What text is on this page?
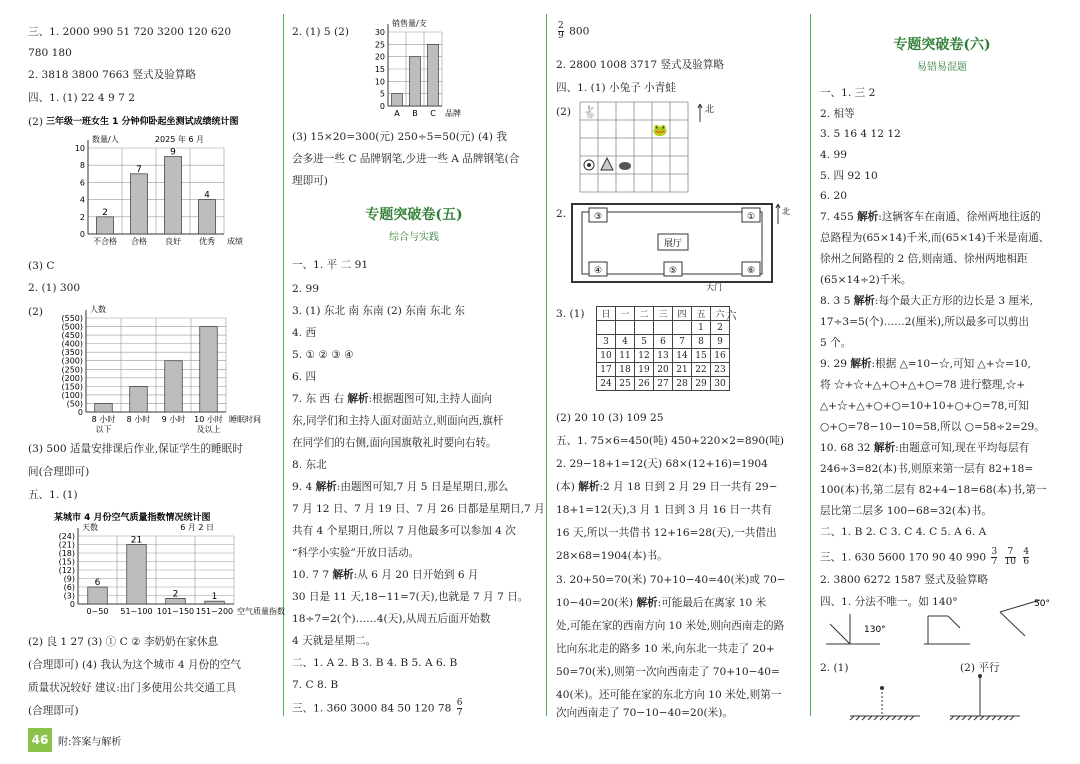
三、1. 2000 990 51 720 3200 120 620
780 180
2. 3818 3800 7663 竖式及验算略
四、1. (1) 22 4 9 7 2
(2)
0
2
4
6
8
10
2
不合格
7
合格
9
良好
4
优秀
数量/人
成绩
三年级一班女生 1 分钟仰卧起坐测试成绩统计图
2025 年 6 月
(3) C
2. (1) 300
(2)
0
(50)
(100)
(150)
(200)
(250)
(300)
(350)
(400)
(450)
(500)
(550)
8 小时
以下
8 小时 9 小时 10 小时
及以上
人数
睡眠时间
(3) 500 适量安排课后作业,保证学生的睡眠时
间(合理即可)
五、1. (1)
0
(3)
(6)
(9)
(12)
(15)
(18)
(21)
(24)
6
0~50
21
51~100
2
101~150
1
151~200
天数
空气质量指数
某城市 4 月份空气质量指数情况统计图
6 月 2 日
(2) 良 1 27 (3) ① C ② 李奶奶在家休息
(合理即可) (4) 我认为这个城市 4 月份的空气
质量状况较好 建议:出门多使用公共交通工具
(合理即可)
2. (1) 5 (2)
0
5
10
15
20
25
30
A B C
销售量/支
品牌
(3) 15×20=300(元) 250÷5=50(元) (4) 我
会多进一些 C 品牌钢笔,少进一些 A 品牌钢笔(合
理即可)
专题突破卷(五)
综合与实践
一、1. 平 二 91
2. 99
3. (1) 东北 南 东南 (2) 东南 东北 东
4. 西
5. ① ② ③ ④
6. 四
7. 东 西 右 解析:根据题图可知,主持人面向
东,同学们和主持人面对面站立,则面向西,旗杆
在同学们的右侧,面向国旗敬礼时要向右转。
8. 东北
9. 4 解析:由题图可知,7 月 5 日是星期日,那么
7 月 12 日、7 月 19 日、7 月 26 日都是星期日,7 月
共有 4 个星期日,所以 7 月他最多可以参加 4 次
“科学小实验”开放日活动。
10. 7 7 解析:从 6 月 20 日开始到 6 月
30 日是 11 天,18−11=7(天),也就是 7 月 7 日。
18÷7=2(个)……4(天),从周五后面开始数
4 天就是星期二。
二、1. A 2. B 3. B 4. B 5. A 6. B
7. C 8. B
三、1. 360 3000 84 50 120 $78 \frac{6}{7}$
$\frac{2}{9} 800$
2. 2800 1008 3717 竖式及验算略
四、1. (1) 小兔子 小青蛙
(2) 🐇
🐸
北
2.	③	①
④	⑤	⑥
展厅
大门
北
3. (1) 日	一	二	三	四	五	六
					1	2
3	4	5	6	7	8	9
10	11	12	13	14	15	16
17	18	19	20	21	22	23
24	25	26	27	28	29	30
六
(2) 20 10 (3) 109 25
五、1. 75×6=450(吨) 450+220×2=890(吨)
2. 29−18+1=12(天) 68×(12+16)=1904
(本) 解析:2 月 18 日到 2 月 29 日一共有 29−
18+1=12(天),3 月 1 日到 3 月 16 日一共有
16 天,所以一共借书 12+16=28(天),一共借出
28×68=1904(本)书。
3. 20+50=70(米) 70+10−40=40(米)或 70−
10−40=20(米) 解析:可能最后在离家 10 米
处,可能在家的西南方向 10 米处,则向西南走的路
比向东北走的路多 10 米,向东北一共走了 20+
50=70(米),则第一次向西南走了 70+10−40=
40(米)。还可能在家的东北方向 10 米处,则第一
次向西南走了 70−10−40=20(米)。
专题突破卷(六)
易错易混题
一、1. 三 2
2. 相等
3. 5 16 4 12 12
4. 99
5. 四 92 10
6. 20
7. 455 解析:这辆客车在南通、徐州两地往返的
总路程为(65×14)千米,而(65×14)千米是南通、
徐州之间路程的 2 倍,则南通、徐州两地相距
(65×14÷2)千米。
8. 3 5 解析:每个最大正方形的边长是 3 厘米,
17÷3=5(个)……2(厘米),所以最多可以剪出
5 个。
9. 29 解析:根据 △=10−☆,可知 △+☆=10,
将 ☆+☆+△+○+△+○=78 进行整理,☆+
△+☆+△+○+○=10+10+○+○=78,可知
○+○=78−10−10=58,所以 ○=58÷2=29。
10. 68 32 解析:由题意可知,现在平均每层有
246÷3=82(本)书,则原来第一层有 82+18=
100(本)书,第二层有 82+4−18=68(本)书,第一
层比第二层多 100−68=32(本)书。
二、1. B 2. C 3. C 4. C 5. A 6. A
三、1. 630 5600 170 90 40 $990 \frac{3}{7}$
$\frac{7}{10}$
$\frac{4}{6}$
2. 3800 6272 1587 竖式及验算略
四、1. 分法不唯一。如 140°	50°
130°
2. (1)	(2) 平行
46 附:答案与解析
